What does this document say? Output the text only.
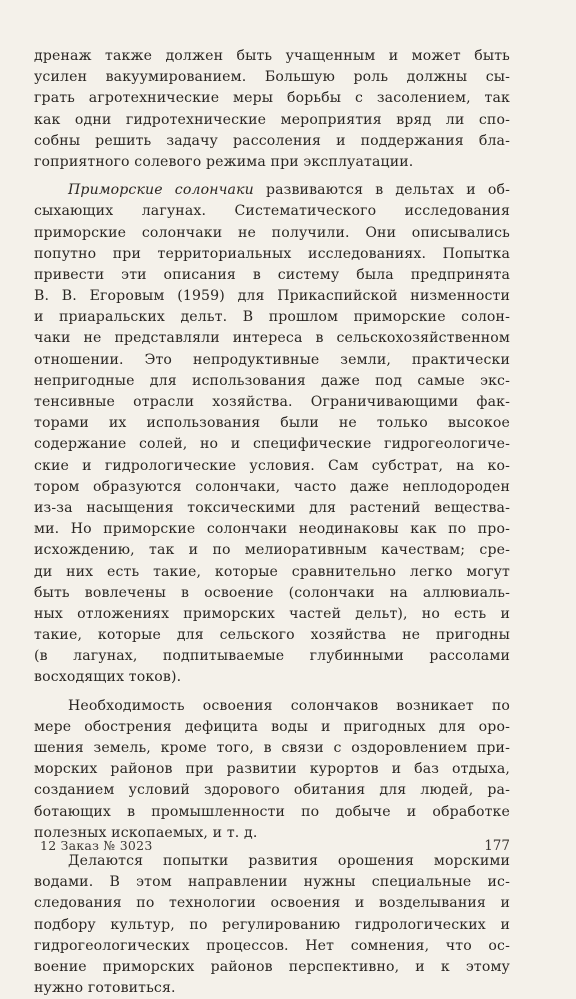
дренаж также должен быть учащенным и может быть
усилен вакуумированием. Большую роль должны сы-
грать агротехнические меры борьбы с засолением, так
как одни гидротехнические мероприятия вряд ли спо-
собны решить задачу рассоления и поддержания бла-
гоприятного солевого режима при эксплуатации.
Приморские солончаки развиваются в дельтах и об-
сыхающих лагунах. Систематического исследования
приморские солончаки не получили. Они описывались
попутно при территориальных исследованиях. Попытка
привести эти описания в систему была предпринята
В. В. Егоровым (1959) для Прикаспийской низменности
и приаральских дельт. В прошлом приморские солон-
чаки не представляли интереса в сельскохозяйственном
отношении. Это непродуктивные земли, практически
непригодные для использования даже под самые экс-
тенсивные отрасли хозяйства. Ограничивающими фак-
торами их использования были не только высокое
содержание солей, но и специфические гидрогеологиче-
ские и гидрологические условия. Сам субстрат, на ко-
тором образуются солончаки, часто даже неплодороден
из-за насыщения токсическими для растений вещества-
ми. Но приморские солончаки неодинаковы как по про-
исхождению, так и по мелиоративным качествам; сре-
ди них есть такие, которые сравнительно легко могут
быть вовлечены в освоение (солончаки на аллювиаль-
ных отложениях приморских частей дельт), но есть и
такие, которые для сельского хозяйства не пригодны
(в лагунах, подпитываемые глубинными рассолами
восходящих токов).
Необходимость освоения солончаков возникает по
мере обострения дефицита воды и пригодных для оро-
шения земель, кроме того, в связи с оздоровлением при-
морских районов при развитии курортов и баз отдыха,
созданием условий здорового обитания для людей, ра-
ботающих в промышленности по добыче и обработке
полезных ископаемых, и т. д.
Делаются попытки развития орошения морскими
водами. В этом направлении нужны специальные ис-
следования по технологии освоения и возделывания и
подбору культур, по регулированию гидрологических и
гидрогеологических процессов. Нет сомнения, что ос-
воение приморских районов перспективно, и к этому
нужно готовиться.
12 Заказ № 3023	177
